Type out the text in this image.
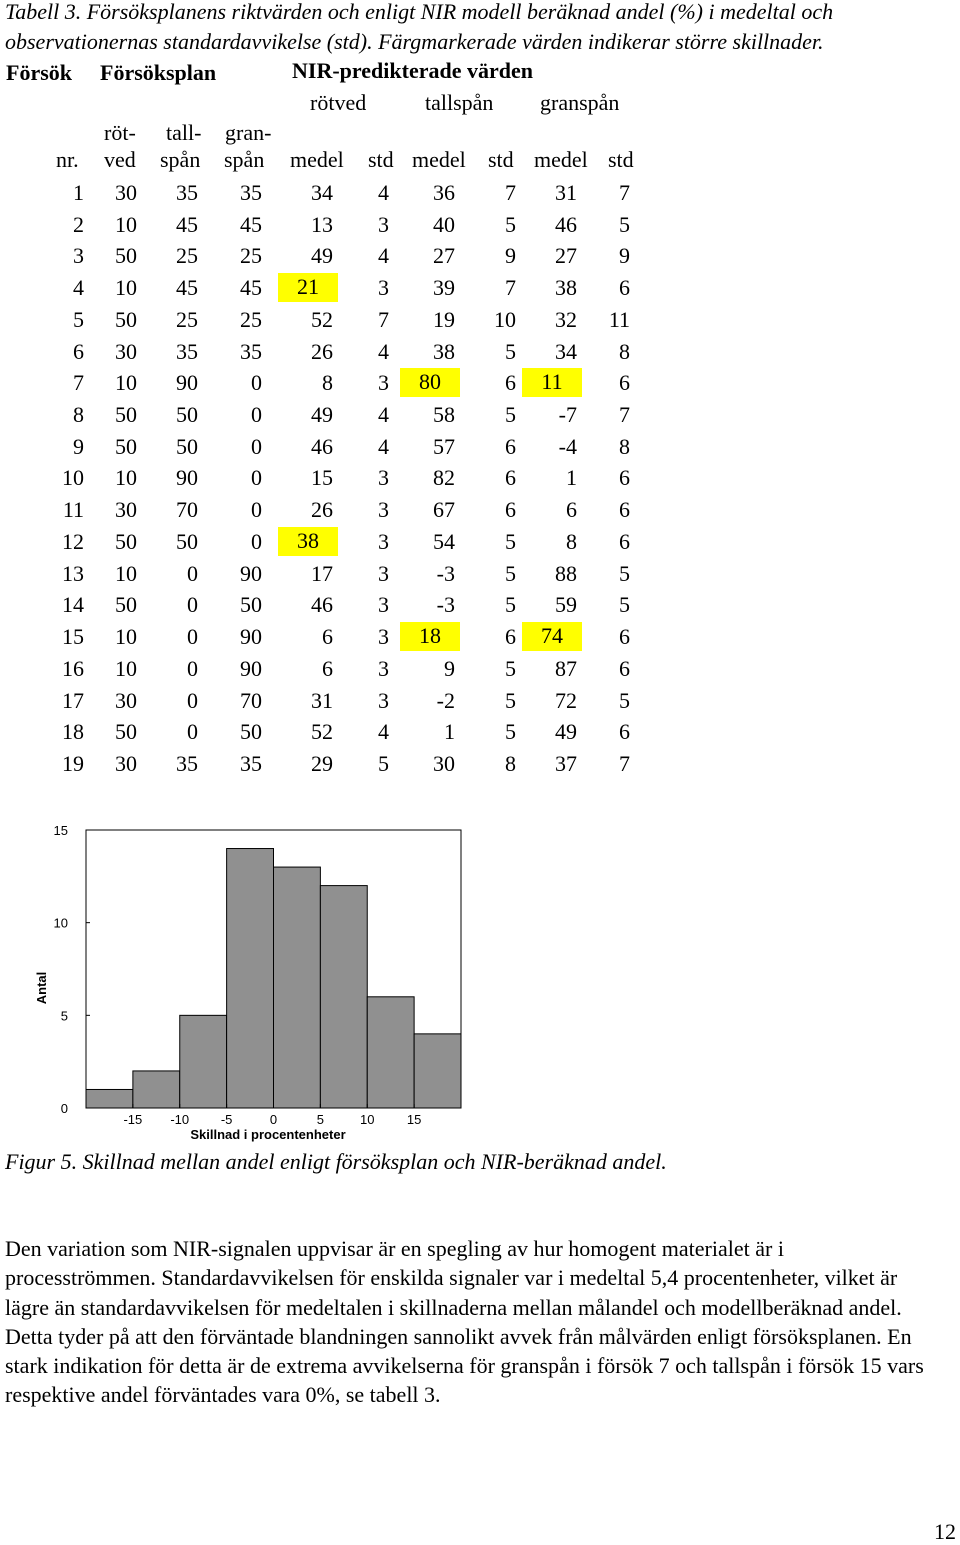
Tabell 3. Försöksplanens riktvärden och enligt NIR modell beräknad andel (%) i medeltal och
observationernas standardavvikelse (std). Färgmarkerade värden indikerar större skillnader.
Försök Försöksplan	NIR-predikterade värden
rötved	tallspån granspån
röt- tall- gran-
nr. ved spån spån medel std medel std medel std
1	30	35	35	34	4	36	7	31	7
2	10	45	45	13	3	40	5	46	5
3	50	25	25	49	4	27	9	27	9
4	10	45	45	21	3	39	7	38	6
5	50	25	25	52	7	19	10	32	11
6	30	35	35	26	4	38	5	34	8
7	10	90	0	8	3	80	6	11	6
8	50	50	0	49	4	58	5	-7	7
9	50	50	0	46	4	57	6	-4	8
10	10	90	0	15	3	82	6	1	6
11	30	70	0	26	3	67	6	6	6
12	50	50	0	38	3	54	5	8	6
13	10	0	90	17	3	-3	5	88	5
14	50	0	50	46	3	-3	5	59	5
15	10	0	90	6	3	18	6	74	6
16	10	0	90	6	3	9	5	87	6
17	30	0	70	31	3	-2	5	72	5
18	50	0	50	52	4	1	5	49	6
19	30	35	35	29	5	30	8	37	7
-15 -10 -5	0	5	10 15
0
5
10
15
Skillnad i procentenheter
Antal
Figur 5. Skillnad mellan andel enligt försöksplan och NIR-beräknad andel.
Den variation som NIR-signalen uppvisar är en spegling av hur homogent materialet är i procesströmmen. Standardavvikelsen för enskilda signaler var i medeltal 5,4 procentenheter, vilket är lägre än standardavvikelsen för medeltalen i skillnaderna mellan målandel och modellberäknad andel. Detta tyder på att den förväntade blandningen sannolikt avvek från målvärden enligt försöksplanen. En stark indikation för detta är de extrema avvikelserna för granspån i försök 7 och tallspån i försök 15 vars respektive andel förväntades vara 0%, se tabell 3.
12
